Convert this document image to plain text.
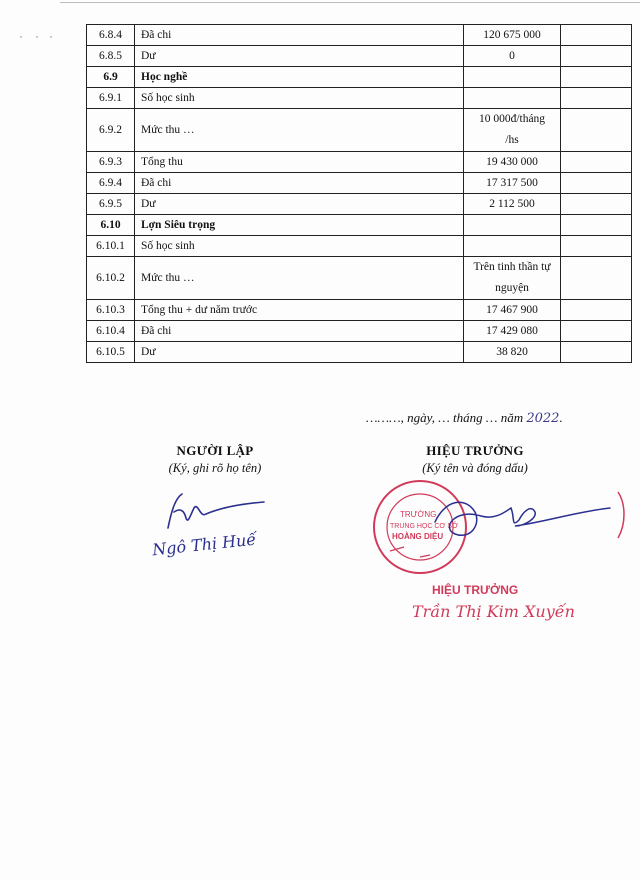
6.8.4	Đã chi	120 675 000	
6.8.5	Dư	0	
6.9	Học nghề		
6.9.1	Số học sinh		
6.9.2	Mức thu …	10 000đ/tháng
/hs	

6.9.3	Tổng thu	19 430 000	
6.9.4	Đã chi	17 317 500	
6.9.5	Dư	2 112 500	
6.10	Lợn Siêu trọng		
6.10.1	Số học sinh		
6.10.2	Mức thu …	Trên tinh thần tự
nguyện	

6.10.3	Tổng thu + dư năm trước	17 467 900	
6.10.4	Đã chi	17 429 080	
6.10.5	Dư	38 820	
………, ngày, … tháng … năm 2022.
NGƯỜI LẬP
(Ký, ghi rõ họ tên)
Ngô Thị Huế
HIỆU TRƯỞNG
(Ký tên và đóng dấu)
TRƯỜNG
TRUNG HỌC CƠ SỞ
HOÀNG DIỆU
HIỆU TRƯỞNG
Trần Thị Kim Xuyến
